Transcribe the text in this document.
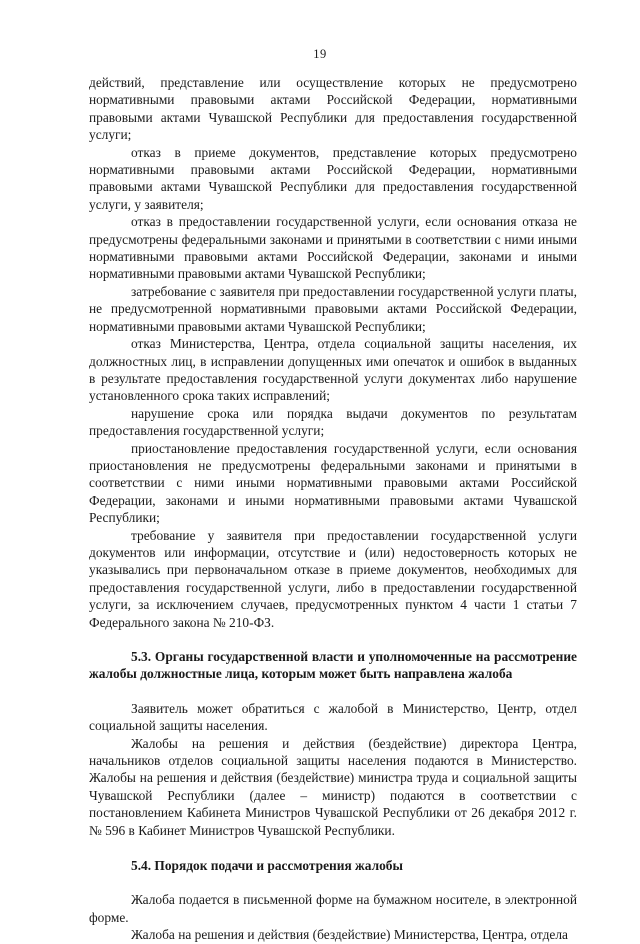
19

действий, представление или осуществление которых не предусмотрено нормативными правовыми актами Российской Федерации, нормативными правовыми актами Чувашской Республики для предоставления государственной услуги;

отказ в приеме документов, представление которых предусмотрено нормативными правовыми актами Российской Федерации, нормативными правовыми актами Чувашской Республики для предоставления государственной услуги, у заявителя;

отказ в предоставлении государственной услуги, если основания отказа не предусмотрены федеральными законами и принятыми в соответствии с ними иными нормативными правовыми актами Российской Федерации, законами и иными нормативными правовыми актами Чувашской Республики;

затребование с заявителя при предоставлении государственной услуги платы, не предусмотренной нормативными правовыми актами Российской Федерации, нормативными правовыми актами Чувашской Республики;

отказ Министерства, Центра, отдела социальной защиты населения, их должностных лиц, в исправлении допущенных ими опечаток и ошибок в выданных в результате предоставления государственной услуги документах либо нарушение установленного срока таких исправлений;

нарушение срока или порядка выдачи документов по результатам предоставления государственной услуги;

приостановление предоставления государственной услуги, если основания приостановления не предусмотрены федеральными законами и принятыми в соответствии с ними иными нормативными правовыми актами Российской Федерации, законами и иными нормативными правовыми актами Чувашской Республики;

требование у заявителя при предоставлении государственной услуги документов или информации, отсутствие и (или) недостоверность которых не указывались при первоначальном отказе в приеме документов, необходимых для предоставления государственной услуги, либо в предоставлении государственной услуги, за исключением случаев, предусмотренных пунктом 4 части 1 статьи 7 Федерального закона № 210-ФЗ.

5.3. Органы государственной власти и уполномоченные на рассмотрение жалобы должностные лица, которым может быть направлена жалоба

Заявитель может обратиться с жалобой в Министерство, Центр, отдел социальной защиты населения.

Жалобы на решения и действия (бездействие) директора Центра, начальников отделов социальной защиты населения подаются в Министерство. Жалобы на решения и действия (бездействие) министра труда и социальной защиты Чувашской Республики (далее – министр) подаются в соответствии с постановлением Кабинета Министров Чувашской Республики от 26 декабря 2012 г. № 596 в Кабинет Министров Чувашской Республики.

5.4. Порядок подачи и рассмотрения жалобы

Жалоба подается в письменной форме на бумажном носителе, в электронной форме.

Жалоба на решения и действия (бездействие) Министерства, Центра, отдела
